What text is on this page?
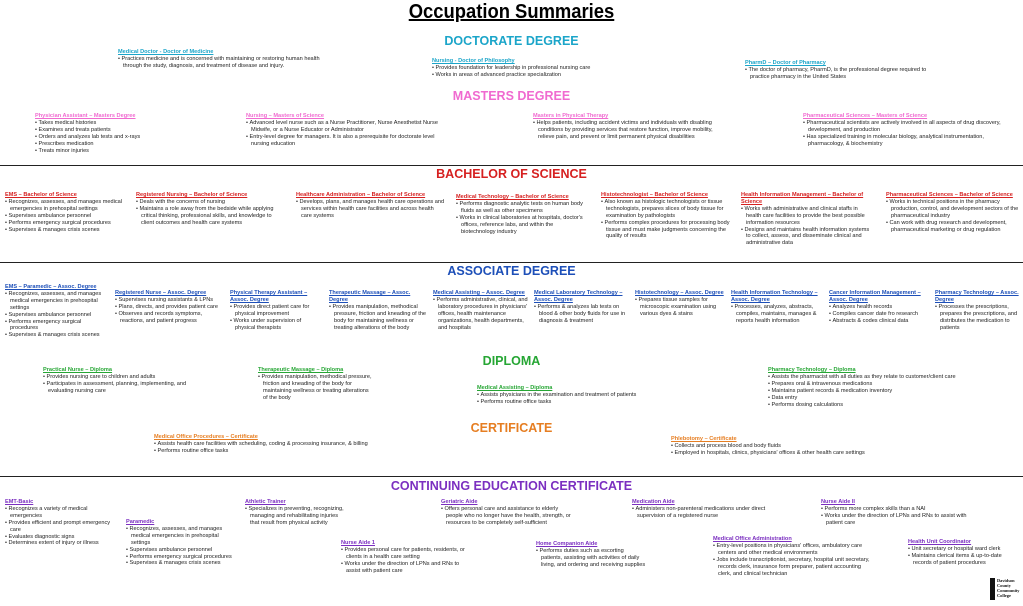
Occupation Summaries
DOCTORATE DEGREE
Medical Doctor - Doctor of Medicine
• Practices medicine and is concerned with maintaining or restoring human health through the study, diagnosis, and treatment of disease and injury.
Nursing - Doctor of Philosophy
• Provides foundation for leadership in professional nursing care
• Works in areas of advanced practice specialization
PharmD – Doctor of Pharmacy
• The doctor of pharmacy, PharmD, is the professional degree required to practice pharmacy in the United States
MASTERS DEGREE
Physician Assistant – Masters Degree
• Takes medical histories
• Examines and treats patients
• Orders and analyzes lab tests and x-rays
• Prescribes medication
• Treats minor injuries
Nursing – Masters of Science
• Advanced level nurse such as a Nurse Practitioner, Nurse Anesthetist Nurse Midwife, or a Nurse Educator or Administrator
• Entry-level degree for managers. It is also a prerequisite for doctorate level nursing education
Masters in Physical Therapy
• Helps patients, including accident victims and individuals with disabling conditions by providing services that restore function, improve mobility, relieve pain, and prevent or limit permanent physical disabilities
Pharmaceutical Sciences – Masters of Science
• Pharmaceutical scientists are actively involved in all aspects of drug discovery, development, and production
• Has specialized training in molecular biology, analytical instrumentation, pharmacology, & biochemistry
BACHELOR OF SCIENCE
EMS – Bachelor of Science
• Recognizes, assesses, and manages medical emergencies in prehospital settings
• Supervises ambulance personnel
• Performs emergency surgical procedures
• Supervises & manages crisis scenes
Registered Nursing – Bachelor of Science
• Deals with the concerns of nursing
• Maintains a role away from the bedside while applying critical thinking, professional skills, and knowledge to client outcomes and health care systems
Healthcare Administration – Bachelor of Science
• Develops, plans, and manages health care operations and services within health care facilities and across health care systems
Medical Technology – Bachelor of Science
• Performs diagnostic analytic tests on human body fluids as well as other specimens
• Works in clinical laboratories at hospitals, doctor's offices, reference labs, and within the biotechnology industry
Histotechnologist – Bachelor of Science
• Also known as histologic technologists or tissue technologists, prepares slices of body tissue for examination by pathologists
• Performs complex procedures for processing body tissue and must make judgments concerning the quality of results
Health Information Management – Bachelor of Science
• Works with administrative and clinical staffs in health care facilities to provide the best possible information resources
• Designs and maintains health information systems to collect, assess, and disseminate clinical and administrative data
Pharmaceutical Sciences – Bachelor of Science
• Works in technical positions in the pharmacy production, control, and development sectors of the pharmaceutical industry
• Can work with drug research and development, pharmaceutical marketing or drug regulation
ASSOCIATE DEGREE
EMS – Paramedic – Assoc. Degree
• Recognizes, assesses, and manages medical emergencies in prehospital settings
• Supervises ambulance personnel
• Performs emergency surgical procedures
• Supervises & manages crisis scenes
Registered Nurse – Assoc. Degree
• Supervises nursing assistants & LPNs
• Plans, directs, and provides patient care
• Observes and records symptoms, reactions, and patient progress
Physical Therapy Assistant – Assoc. Degree
• Provides direct patient care for physical improvement
• Works under supervision of physical therapists
Therapeutic Massage – Assoc. Degree
• Provides manipulation, methodical pressure, friction and kneading of the body for maintaining wellness or treating alterations of the body
Medical Assisting – Assoc. Degree
• Performs administrative, clinical, and laboratory procedures in physicians' offices, health maintenance organizations, health departments, and hospitals
Medical Laboratory Technology – Assoc. Degree
• Performs & analyzes lab tests on blood & other body fluids for use in diagnosis & treatment
Histotechnology – Assoc. Degree
• Prepares tissue samples for microscopic examination using various dyes & stains
Health Information Technology – Assoc. Degree
• Processes, analyzes, abstracts, compiles, maintains, manages & reports health information
Cancer Information Management – Assoc. Degree
• Analyzes health records
• Compiles cancer date fro research
• Abstracts & codes clinical data
Pharmacy Technology – Assoc. Degree
• Processes the prescriptions, prepares the prescriptions, and distributes the medication to patients
DIPLOMA
Practical Nurse – Diploma
• Provides nursing care to children and adults
• Participates in assessment, planning, implementing, and evaluating nursing care
Therapeutic Massage – Diploma
• Provides manipulation, methodical pressure, friction and kneading of the body for maintaining wellness or treating alterations of the body
Medical Assisting – Diploma
• Assists physicians in the examination and treatment of patients
• Performs routine office tasks
Pharmacy Technology – Diploma
• Assists the pharmacist with all duties as they relate to customer/client care
• Prepares oral & intravenous medications
• Maintains patient records & medication inventory
• Data entry
• Performs dosing calculations
CERTIFICATE
Medical Office Procedures – Certificate
• Assists health care facilities with scheduling, coding & processing insurance, & billing
• Performs routine office tasks
Phlebotomy – Certificate
• Collects and process blood and body fluids
• Employed in hospitals, clinics, physicians' offices & other health care settings
CONTINUING EDUCATION CERTIFICATE
EMT-Basic
• Recognizes a variety of medical emergencies
• Provides efficient and prompt emergency care
• Evaluates diagnostic signs
• Determines extent of injury or illness
Paramedic
• Recognizes, assesses, and manages medical emergencies in prehospital settings
• Supervises ambulance personnel
• Performs emergency surgical procedures
• Supervises & manages crisis scenes
Athletic Trainer
• Specializes in preventing, recognizing, managing and rehabilitating injuries that result from physical activity
Nurse Aide 1
• Provides personal care for patients, residents, or clients in a health care setting
• Works under the direction of LPNs and RNs to assist with patient care
Geriatric Aide
• Offers personal care and assistance to elderly people who no longer have the health, strength, or resources to be completely self-sufficient
Home Companion Aide
• Performs duties such as escorting patients, assisting with activities of daily living, and ordering and receiving supplies
Medication Aide
• Administers non-parenteral medications under direct supervision of a registered nurse
Medical Office Administration
• Entry-level positions in physicians' offices, ambulatory care centers and other medical environments
• Jobs include transcriptionist, secretary, hospital unit secretary, records clerk, insurance form preparer, patient accounting clerk, and clinical technician
Nurse Aide II
• Performs more complex skills than a NAI
• Works under the direction of LPNs and RNs to assist with patient care
Health Unit Coordinator
• Unit secretary or hospital ward clerk
• Maintains clerical items & up-to-date records of patient procedures
Davidson
County
Community
College
